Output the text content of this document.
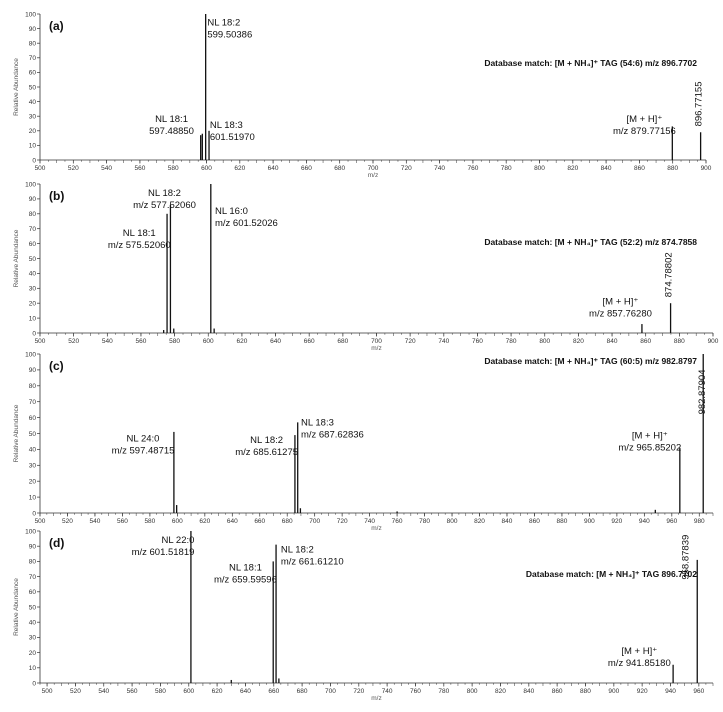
0
10
20
30
40
50
60
70
80
90
100
500	520	540	560	580	600	620	640	660	680	700	720	740	760	780	800	820	840	860	880	900
m/z
Relative Abundance
(a)
Database match: [M + NH₄]⁺ TAG (54:6) m/z 896.7702
NL 18:1 597.48850
NL 18:2 599.50386
NL 18:3 601.51970
[M + H]⁺ m/z 879.77156
896.77155
0
10
20
30
40
50
60
70
80
90
100
500	520	540	560	580	600	620	640	660	680	700	720	740	760	780	800	820	840	860	880	900
m/z
Relative Abundance
(b)
Database match: [M + NH₄]⁺ TAG (52:2) m/z 874.7858
NL 18:2 m/z 577.52060
NL 18:1 m/z 575.52060
NL 16:0 m/z 601.52026
[M + H]⁺ m/z 857.76280
874.78802
0
10
20
30
40
50
60
70
80
90
100
500	520	540	560	580	600	620	640	660	680	700	720	740	760	780	800	820	840	860	880	900	920	940	960	980
m/z
Relative Abundance
(c)	Database match: [M + NH₄]⁺ TAG (60:5) m/z 982.8797
NL 24:0 m/z 597.48715
NL 18:2 m/z 685.61275
NL 18:3 m/z 687.62836	[M + H]⁺ m/z 965.85202
982.87904
0
10
20
30
40
50
60
70
80
90
100
500	520	540	560	580	600	620	640	660	680	700	720	740	760	780	800	820	840	860	880	900	920	940	960
m/z
Relative Abundance
(d)
Database match: [M + NH₄]⁺ TAG 896.7702
NL 22:0 m/z 601.51819
NL 18:1 m/z 659.59596
NL 18:2 m/z 661.61210
[M + H]⁺ m/z 941.85180
958.87839
